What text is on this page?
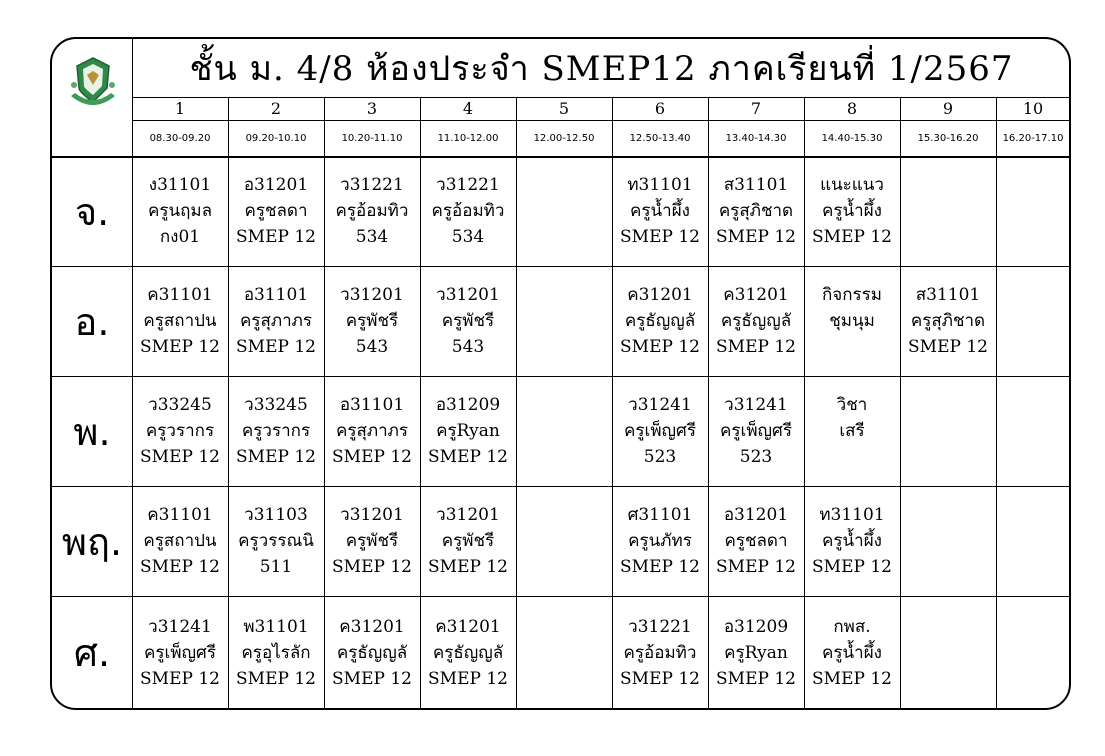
ชั้น ม. 4/8 ห้องประจำ SMEP12 ภาคเรียนที่ 1/2567
1
08.30-09.20
2
09.20-10.10
3
10.20-11.10
4
11.10-12.00
5
12.00-12.50
6
12.50-13.40
7
13.40-14.30
8
14.40-15.30
9
15.30-16.20
10
16.20-17.10
จ.
ง31101
ครูนฤมล
กง01
อ31201
ครูชลดา
SMEP 12
ว31221
ครูอ้อมทิว
534
ว31221
ครูอ้อมทิว
534
ท31101
ครูน้ำผึ้ง
SMEP 12
ส31101
ครูสุภิชาด
SMEP 12
แนะแนว
ครูน้ำผึ้ง
SMEP 12
อ.
ค31101
ครูสถาปน
SMEP 12
อ31101
ครูสุภาภร
SMEP 12
ว31201
ครูพัชรี
543
ว31201
ครูพัชรี
543
ค31201
ครูธัญญลั
SMEP 12
ค31201
ครูธัญญลั
SMEP 12
กิจกรรม
ชุมนุม
ส31101
ครูสุภิชาด
SMEP 12
พ.
ว33245
ครูวรากร
SMEP 12
ว33245
ครูวรากร
SMEP 12
อ31101
ครูสุภาภร
SMEP 12
อ31209
ครูRyan
SMEP 12
ว31241
ครูเพ็ญศรี
523
ว31241
ครูเพ็ญศรี
523
วิชา
เสรี
พฤ.
ค31101
ครูสถาปน
SMEP 12
ว31103
ครูวรรณนิ
511
ว31201
ครูพัชรี
SMEP 12
ว31201
ครูพัชรี
SMEP 12
ศ31101
ครูนภัทร
SMEP 12
อ31201
ครูชลดา
SMEP 12
ท31101
ครูน้ำผึ้ง
SMEP 12
ศ.
ว31241
ครูเพ็ญศรี
SMEP 12
พ31101
ครูอุไรลัก
SMEP 12
ค31201
ครูธัญญลั
SMEP 12
ค31201
ครูธัญญลั
SMEP 12
ว31221
ครูอ้อมทิว
SMEP 12
อ31209
ครูRyan
SMEP 12
กพส.
ครูน้ำผึ้ง
SMEP 12
